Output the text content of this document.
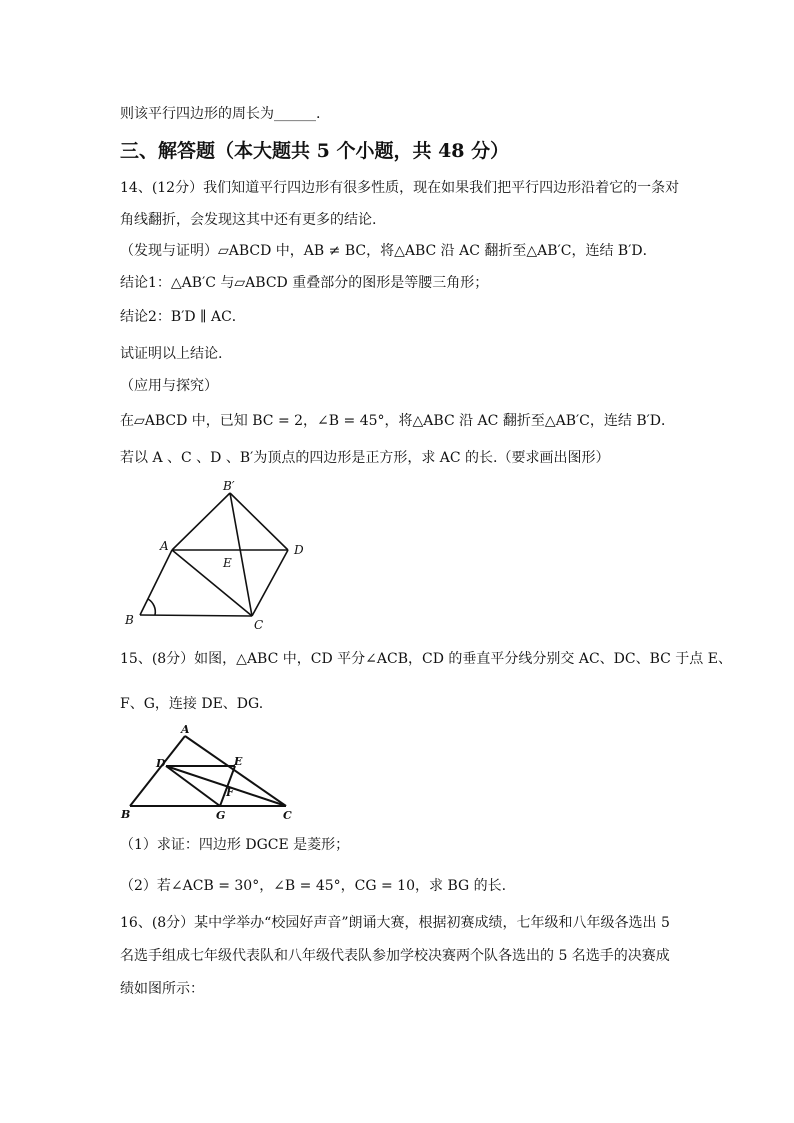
则该平行四边形的周长为______.
三、解答题（本大题共 5 个小题，共 48 分）
14、(12分）我们知道平行四边形有很多性质，现在如果我们把平行四边形沿着它的一条对
角线翻折，会发现这其中还有更多的结论.
（发现与证明）▱ABCD 中，AB ≠ BC，将△ABC 沿 AC 翻折至△AB′C，连结 B′D．
结论1：△AB′C 与▱ABCD 重叠部分的图形是等腰三角形；
结论2：B′D ∥ AC．
试证明以上结论.
（应用与探究）
在▱ABCD 中，已知 BC = 2，∠B = 45°，将△ABC 沿 AC 翻折至△AB′C，连结 B′D．
若以 A 、C 、D 、B′为顶点的四边形是正方形，求 AC 的长.（要求画出图形）
B′
A	D
E
B	C
15、(8分）如图，△ABC 中，CD 平分∠ACB，CD 的垂直平分线分别交 AC、DC、BC 于点 E、
F、G，连接 DE、DG.
A
D	E
F
B	G	C
（1）求证：四边形 DGCE 是菱形；
（2）若∠ACB = 30°，∠B = 45°，CG = 10，求 BG 的长.
16、(8分）某中学举办“校园好声音”朗诵大赛，根据初赛成绩，七年级和八年级各选出 5
名选手组成七年级代表队和八年级代表队参加学校决赛两个队各选出的 5 名选手的决赛成
绩如图所示：
